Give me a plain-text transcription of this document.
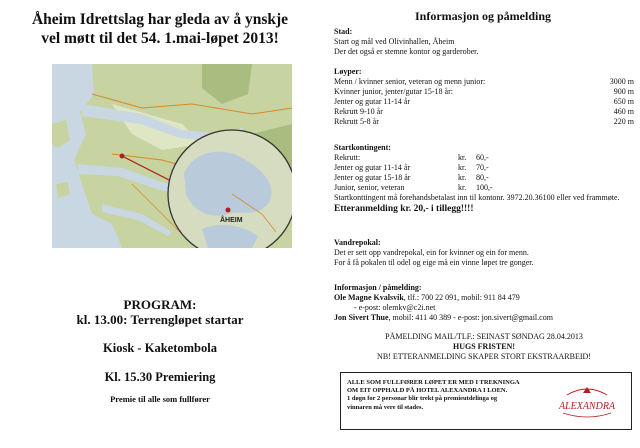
Åheim Idrettslag har gleda av å ynskje
vel møtt til det 54. 1.mai-løpet 2013!
ÅHEIM
PROGRAM:
kl. 13.00: Terrengløpet startar
Kiosk - Kaketombola
Kl. 15.30 Premiering
Premie til alle som fullfører
Informasjon og påmelding
Stad:
Start og mål ved Olivinhallen, Åheim
Der det også er stemne kontor og garderober.
Løyper:
Menn / kvinner senior, veteran og menn junior:	3000 m
Kvinner junior, jenter/gutar 15-18 år:	900 m
Jenter og gutar 11-14 år	650 m
Rekrutt 9-10 år	460 m
Rekrutt 5-8 år	220 m
Startkontingent:
Rekrutt:	kr.	60,-
Jenter og gutar 11-14 år	kr.	70,-
Jenter og gutar 15-18 år	kr.	80,-
Junior, senior, veteran	kr.	100,-
Startkonttingent må forehandsbetalast inn til kontonr. 3972.20.36100 eller ved frammøte.
Etteranmelding kr. 20,- i tillegg!!!!
Vandrepokal:
Det er sett opp vandrepokal, ein for kvinner og ein for menn.
For å få pokalen til odel og eige må ein vinne løpet tre gonger.
Informasjon / påmelding:
Ole Magne Kvalsvik, tlf.: 700 22 091, mobil: 911 84 479
- e-post: olemkv@c2i.net
Jon Sivert Thue, mobil: 411 40 389 - e-post: jon.sivert@gmail.com
PÅMELDING MAIL/TLF.: SEINAST SØNDAG 28.04.2013
HUGS FRISTEN!
NB! ETTERANMELDING SKAPER STORT EKSTRAARBEID!
ALLE SOM FULLFØRER LØPET ER MED I TREKNINGA
OM EIT OPPHALD PÅ HOTEL ALEXANDRA I LOEN.
1 døgn for 2 personar blir trekt på premieutdelinga og
vinnaren må vere til stades.	ALEXANDRA
